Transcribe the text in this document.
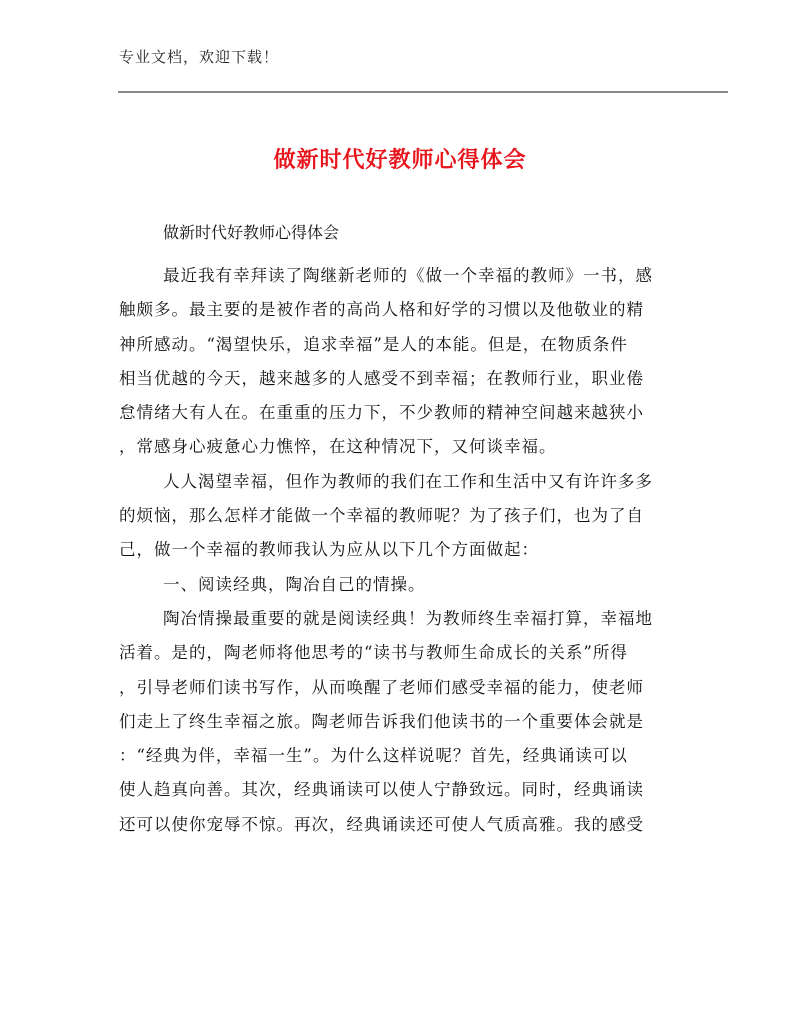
专业文档，欢迎下载！
做新时代好教师心得体会
做新时代好教师心得体会
最近我有幸拜读了陶继新老师的《做一个幸福的教师》一书，感
触颇多。最主要的是被作者的高尚人格和好学的习惯以及他敬业的精
神所感动。“渴望快乐，追求幸福”是人的本能。但是，在物质条件
相当优越的今天，越来越多的人感受不到幸福；在教师行业，职业倦
怠情绪大有人在。在重重的压力下，不少教师的精神空间越来越狭小
，常感身心疲惫心力憔悴，在这种情况下，又何谈幸福。
人人渴望幸福，但作为教师的我们在工作和生活中又有许许多多
的烦恼，那么怎样才能做一个幸福的教师呢？为了孩子们，也为了自
己，做一个幸福的教师我认为应从以下几个方面做起：
一、阅读经典，陶冶自己的情操。
陶冶情操最重要的就是阅读经典！为教师终生幸福打算，幸福地
活着。是的，陶老师将他思考的“读书与教师生命成长的关系”所得
，引导老师们读书写作，从而唤醒了老师们感受幸福的能力，使老师
们走上了终生幸福之旅。陶老师告诉我们他读书的一个重要体会就是
：“经典为伴，幸福一生”。为什么这样说呢？首先，经典诵读可以
使人趋真向善。其次，经典诵读可以使人宁静致远。同时，经典诵读
还可以使你宠辱不惊。再次，经典诵读还可使人气质高雅。我的感受
